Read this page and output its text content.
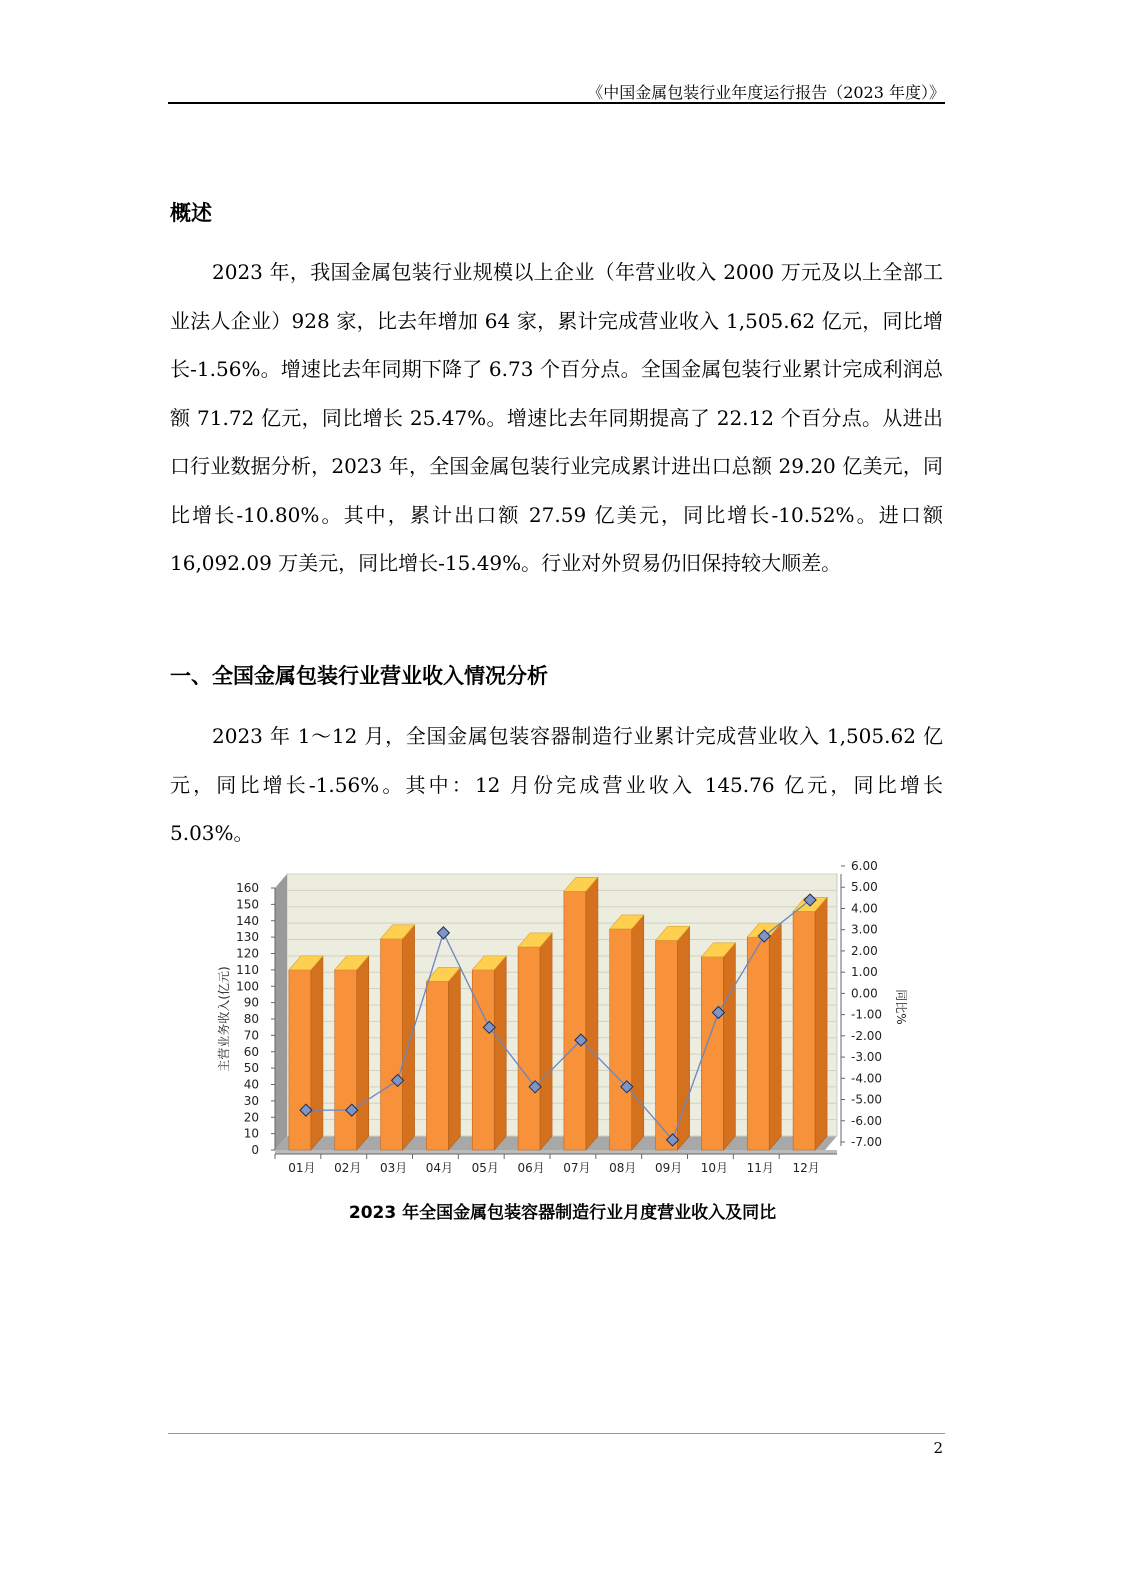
《中国金属包装行业年度运行报告（2023 年度）》
概述

2023 年，我国金属包装行业规模以上企业（年营业收入 2000 万元及以上全部工业法人企业）928 家，比去年增加 64 家，累计完成营业收入 1,505.62 亿元，同比增长-1.56%。增速比去年同期下降了 6.73 个百分点。全国金属包装行业累计完成利润总额 71.72 亿元，同比增长 25.47%。增速比去年同期提高了 22.12 个百分点。从进出口行业数据分析，2023 年，全国金属包装行业完成累计进出口总额 29.20 亿美元，同比增长-10.80%。其中，累计出口额 27.59 亿美元，同比增长-10.52%。进口额 16,092.09 万美元，同比增长-15.49%。行业对外贸易仍旧保持较大顺差。

一、全国金属包装行业营业收入情况分析

2023 年 1～12 月，全国金属包装容器制造行业累计完成营业收入 1,505.62 亿元，同比增长-1.56%。其中：12 月份完成营业收入 145.76 亿元，同比增长 5.03%。

0
10
20
30
40
50
60
70
80
90
100
110
120
130
140
150
160
-7.00
-6.00
-5.00
-4.00
-3.00
-2.00
-1.00
0.00
1.00
2.00
3.00
4.00
5.00
6.00
主营业务收入(亿元)	同比%
01月 02月 03月 04月 05月 06月 07月 08月 09月 10月 11月 12月
2023 年全国金属包装容器制造行业月度营业收入及同比
2
